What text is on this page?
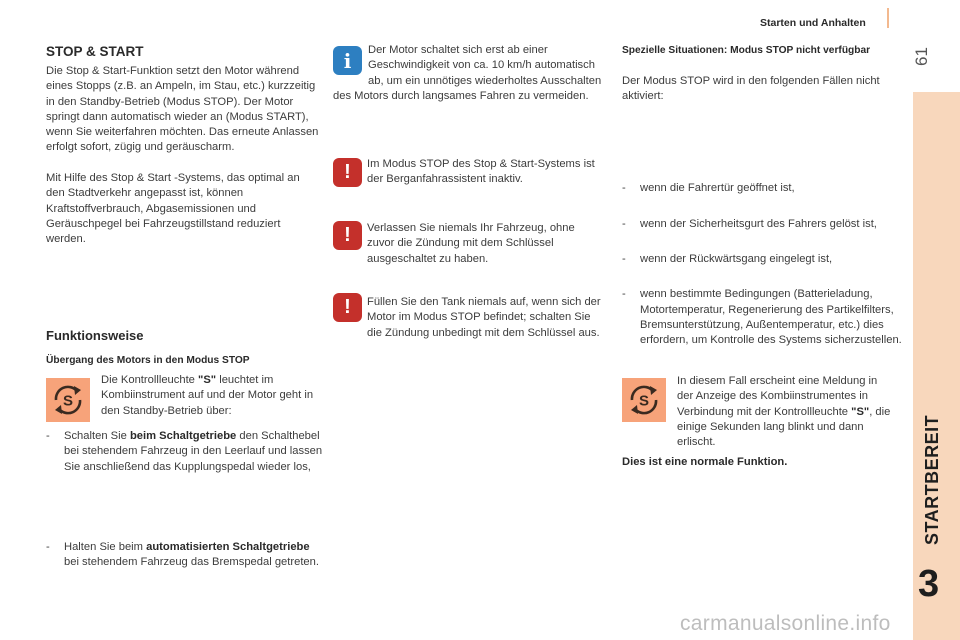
Starten und Anhalten
61
STARTBEREIT
3
STOP & START

Die Stop & Start-Funktion setzt den Motor während eines Stopps (z.B. an Ampeln, im Stau, etc.) kurzzeitig in den Standby-Betrieb (Modus STOP). Der Motor springt dann automatisch wieder an (Modus START), wenn Sie weiterfahren möchten. Das erneute Anlassen erfolgt sofort, zügig und geräuscharm.

Mit Hilfe des Stop & Start -Systems, das optimal an den Stadtverkehr angepasst ist, können Kraftstoffverbrauch, Abgasemissionen und Geräuschpegel bei Fahrzeugstillstand reduziert werden.

Funktionsweise
Übergang des Motors in den Modus STOP
S

Die Kontrollleuchte "S" leuchtet im Kombiinstrument auf und der Motor geht in den Standby-Betrieb über:

- Schalten Sie beim Schaltgetriebe den Schalthebel bei stehendem Fahrzeug in den Leerlauf und lassen Sie anschließend das Kupplungspedal wieder los,
- Halten Sie beim automatisierten Schaltgetriebe bei stehendem Fahrzeug das Bremspedal getreten.
i	Der Motor schaltet sich erst ab einer Geschwindigkeit von ca. 10 km/h automatisch ab, um ein unnötiges wiederholtes Ausschalten des Motors durch langsames Fahren zu vermeiden.
! Im Modus STOP des Stop & Start-Systems ist der Berganfahrassistent inaktiv.

! Verlassen Sie niemals Ihr Fahrzeug, ohne zuvor die Zündung mit dem Schlüssel ausgeschaltet zu haben.

! Füllen Sie den Tank niemals auf, wenn sich der Motor im Modus STOP befindet; schalten Sie die Zündung unbedingt mit dem Schlüssel aus.

Spezielle Situationen: Modus STOP nicht verfügbar

Der Modus STOP wird in den folgenden Fällen nicht aktiviert:

- wenn die Fahrertür geöffnet ist,
- wenn der Sicherheitsgurt des Fahrers gelöst ist,
- wenn der Rückwärtsgang eingelegt ist,
- wenn bestimmte Bedingungen (Batterieladung, Motortemperatur, Regenerierung des Partikelfilters, Bremsunterstützung, Außentemperatur, etc.) dies erfordern, um Kontrolle des Systems sicherzustellen.
S

In diesem Fall erscheint eine Meldung in der Anzeige des Kombiinstrumentes in Verbindung mit der Kontrollleuchte "S", die einige Sekunden lang blinkt und dann erlischt.

Dies ist eine normale Funktion.

carmanualsonline.info
